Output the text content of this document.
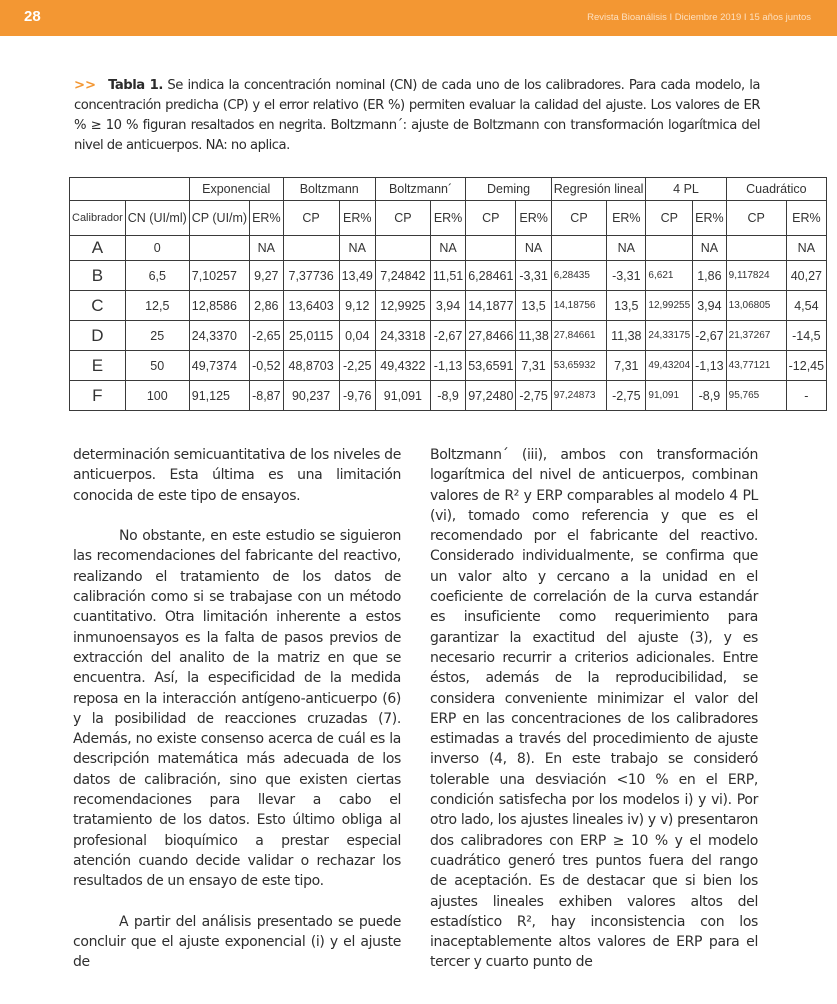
28	Revista Bioanálisis I Diciembre 2019 I 15 años juntos
>> Tabla 1. Se indica la concentración nominal (CN) de cada uno de los calibradores. Para cada modelo, la concentración predicha (CP) y el error relativo (ER %) permiten evaluar la calidad del ajuste. Los valores de ER % ≥ 10 % figuran resaltados en negrita. Boltzmann´: ajuste de Boltzmann con transformación logarítmica del nivel de anticuerpos. NA: no aplica.
		Exponencial		Boltzmann		Boltzmann´		Deming		Regresión lineal		4 PL		Cuadrático	
Calibrador	CN (UI/ml)	CP (UI/m)	ER%	CP	ER%	CP	ER%	CP	ER%	CP	ER%	CP	ER%	CP	ER%
A	0		NA		NA		NA		NA		NA		NA		NA
B	6,5	7,10257	9,27	7,37736	13,49	7,24842	11,51	6,28461	-3,31	6,28435	-3,31	6,621	1,86	9,117824	40,27
C	12,5	12,8586	2,86	13,6403	9,12	12,9925	3,94	14,1877	13,5	14,18756	13,5	12,99255	3,94	13,06805	4,54
D	25	24,3370	-2,65	25,0115	0,04	24,3318	-2,67	27,8466	11,38	27,84661	11,38	24,33175	-2,67	21,37267	-14,5
E	50	49,7374	-0,52	48,8703	-2,25	49,4322	-1,13	53,6591	7,31	53,65932	7,31	49,43204	-1,13	43,77121	-12,45
F	100	91,125	-8,87	90,237	-9,76	91,091	-8,9	97,2480	-2,75	97,24873	-2,75	91,091	-8,9	95,765	-

determinación semicuantitativa de los niveles de anticuerpos. Esta última es una limitación conocida de este tipo de ensayos.

No obstante, en este estudio se siguieron las recomendaciones del fabricante del reactivo, realizando el tratamiento de los datos de calibración como si se trabajase con un método cuantitativo. Otra limitación inherente a estos inmunoensayos es la falta de pasos previos de extracción del analito de la matriz en que se encuentra. Así, la especificidad de la medida reposa en la interacción antígeno-anticuerpo (6) y la posibilidad de reacciones cruzadas (7). Además, no existe consenso acerca de cuál es la descripción matemática más adecuada de los datos de calibración, sino que existen ciertas recomendaciones para llevar a cabo el tratamiento de los datos. Esto último obliga al profesional bioquímico a prestar especial atención cuando decide validar o rechazar los resultados de un ensayo de este tipo.

A partir del análisis presentado se puede concluir que el ajuste exponencial (i) y el ajuste de

Boltzmann´ (iii), ambos con transformación logarítmica del nivel de anticuerpos, combinan valores de R² y ERP comparables al modelo 4 PL (vi), tomado como referencia y que es el recomendado por el fabricante del reactivo. Considerado individualmente, se confirma que un valor alto y cercano a la unidad en el coeficiente de correlación de la curva estandár es insuficiente como requerimiento para garantizar la exactitud del ajuste (3), y es necesario recurrir a criterios adicionales. Entre éstos, además de la reproducibilidad, se considera conveniente minimizar el valor del ERP en las concentraciones de los calibradores estimadas a través del procedimiento de ajuste inverso (4, 8). En este trabajo se consideró tolerable una desviación <10 % en el ERP, condición satisfecha por los modelos i) y vi). Por otro lado, los ajustes lineales iv) y v) presentaron dos calibradores con ERP ≥ 10 % y el modelo cuadrático generó tres puntos fuera del rango de aceptación. Es de destacar que si bien los ajustes lineales exhiben valores altos del estadístico R², hay inconsistencia con los inaceptablemente altos valores de ERP para el tercer y cuarto punto de
